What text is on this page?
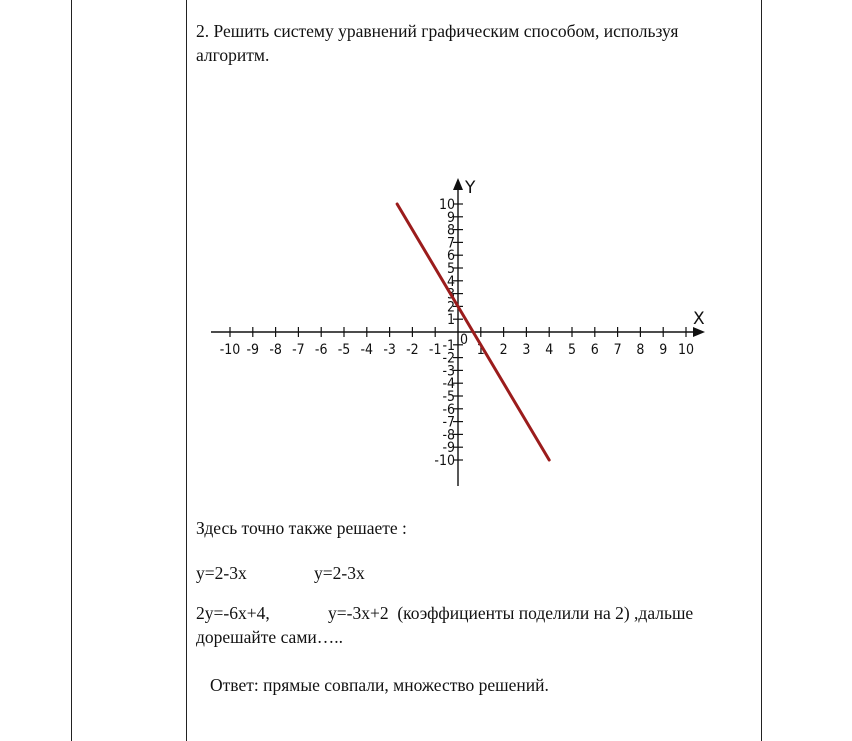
2. Решить систему уравнений графическим способом, используя алгоритм.

X
Y
-10 -9 -8 -7 -6 -5 -4 -3 -2 -1	1 2 3 4 5 6 7 8 9 10
0
10
9
8
7
6
5
4
3
2
1
-1
-2
-3
-4
-5
-6
-7
-8
-9
-10

Здесь точно также решаете :

y=2-3x	y=2-3x

2y=-6x+4,	y=-3x+2 (коэффициенты поделили на 2) ,дальше дорешайте сами…..

Ответ: прямые совпали, множество решений.
